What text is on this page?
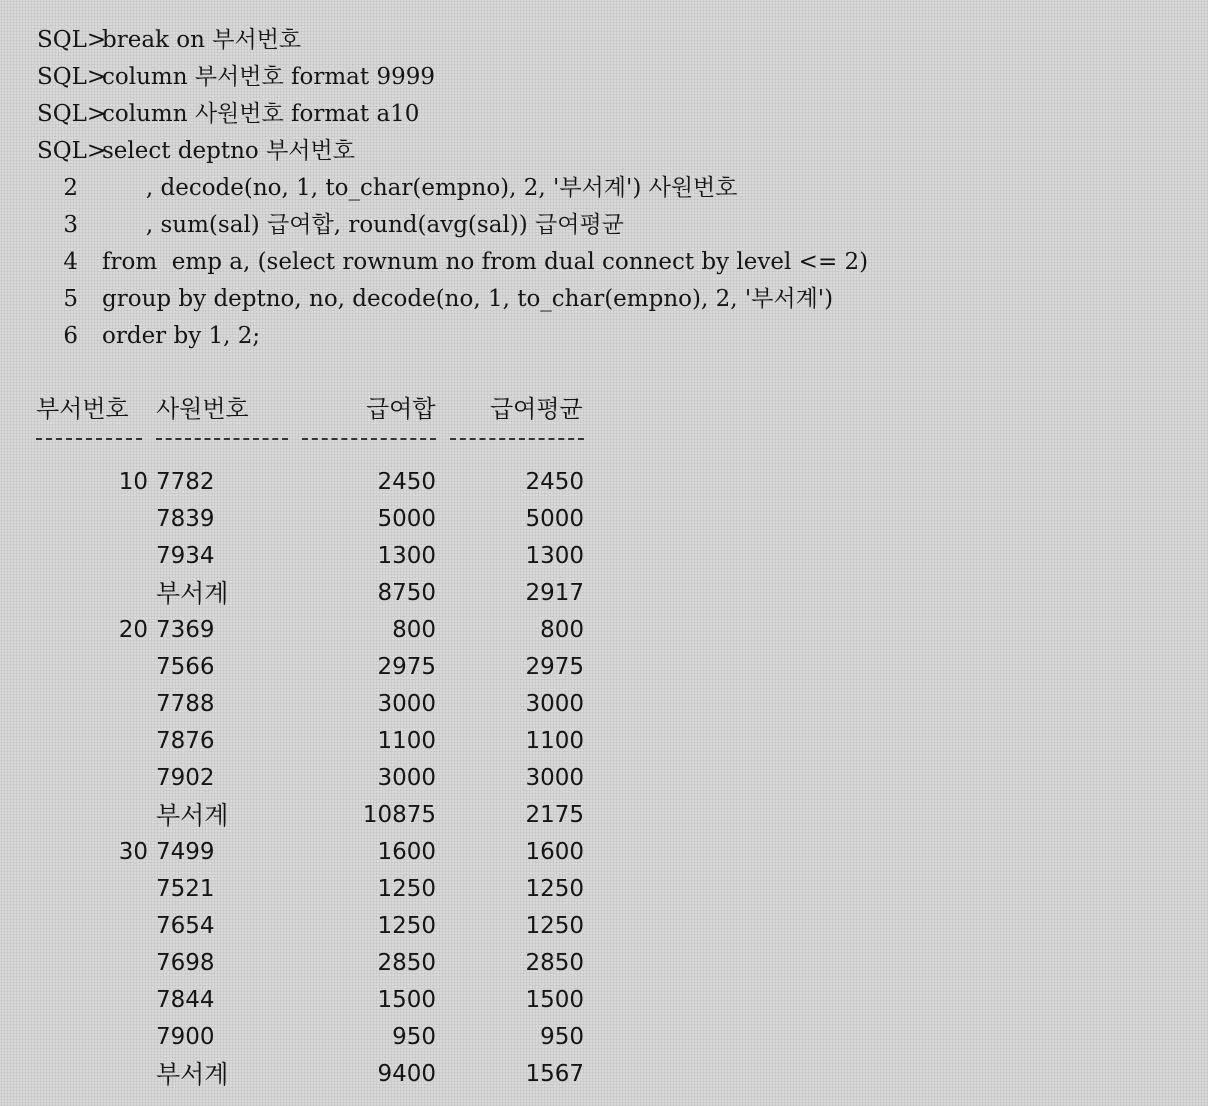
SQL>
break on 부서번호
SQL>
column 부서번호 format 9999
SQL>
column 사원번호 format a10
SQL>
select deptno 부서번호
2 , decode(no, 1, to_char(empno), 2, '부서계') 사원번호
3 , sum(sal) 급여합, round(avg(sal)) 급여평균
4 from  emp a, (select rownum no from dual connect by level <= 2)
5 group by deptno, no, decode(no, 1, to_char(empno), 2, '부서계')
6 order by 1, 2;
부서번호 사원번호	급여합 급여평균
10 7782	2450	2450
7839	5000	5000
7934	1300	1300
부서계	8750	2917
20 7369	800	800
7566	2975	2975
7788	3000	3000
7876	1100	1100
7902	3000	3000
부서계	10875	2175
30 7499	1600	1600
7521	1250	1250
7654	1250	1250
7698	2850	2850
7844	1500	1500
7900	950	950
부서계	9400	1567
